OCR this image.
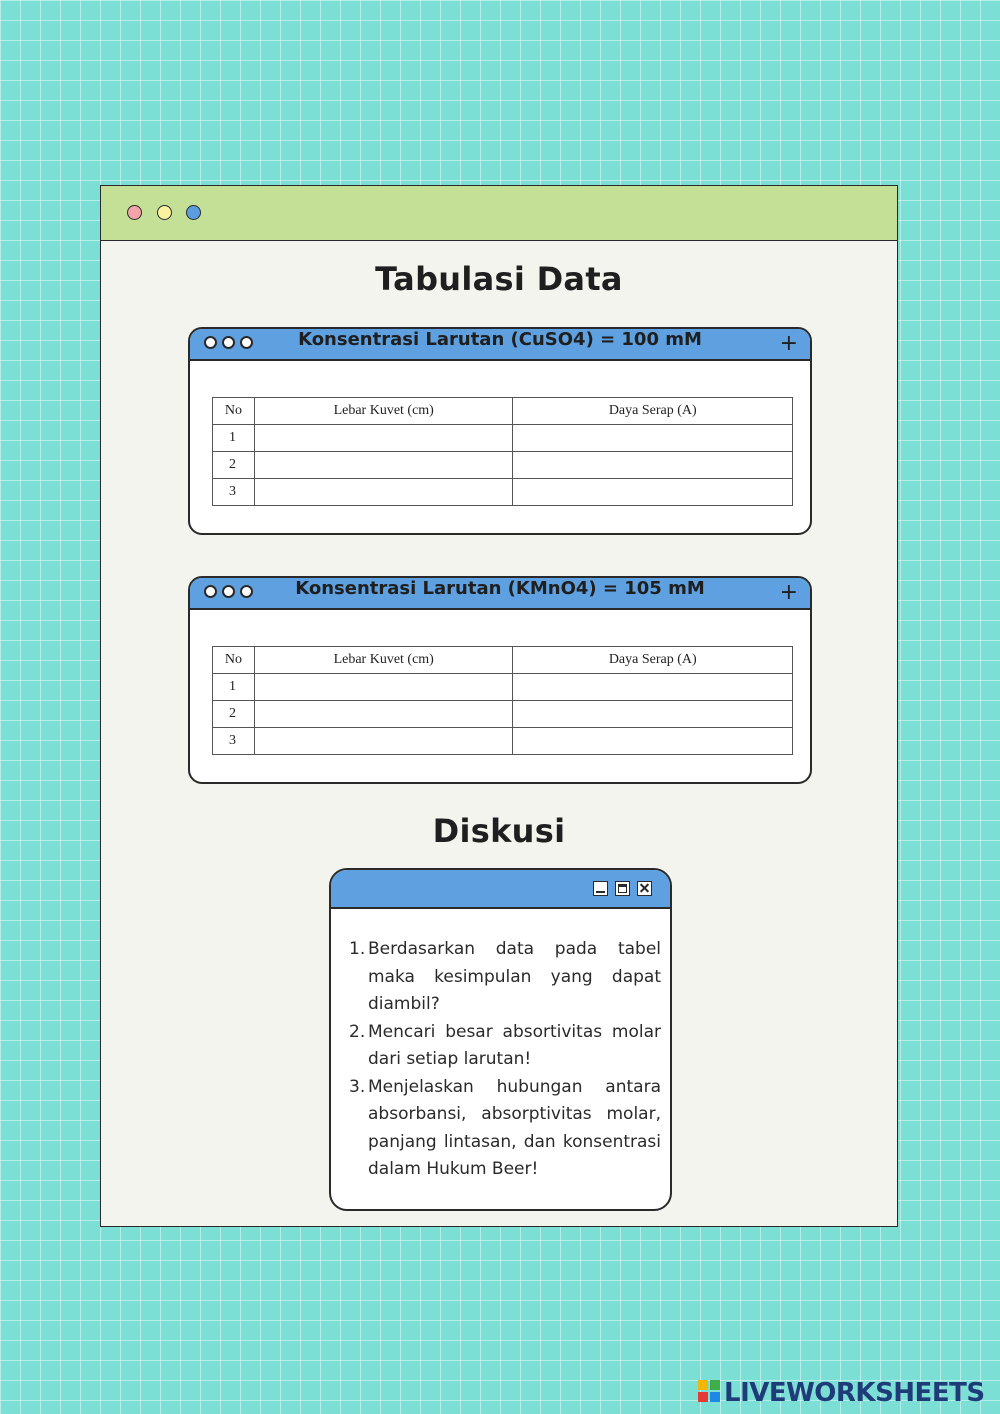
Tabulasi Data
Konsentrasi Larutan (CuSO4) = 100 mM	+
No	Lebar Kuvet (cm)	Daya Serap (A)
1		
2		
3		
Konsentrasi Larutan (KMnO4) = 105 mM	+
No	Lebar Kuvet (cm)	Daya Serap (A)
1		
2		
3		
Diskusi
1. Berdasarkan data pada tabel maka kesimpulan yang dapat diambil?
2. Mencari besar absortivitas molar dari setiap larutan!
3. Menjelaskan hubungan antara absorbansi, absorptivitas molar, panjang lintasan, dan konsentrasi dalam Hukum Beer!
LIVEWORKSHEETS
